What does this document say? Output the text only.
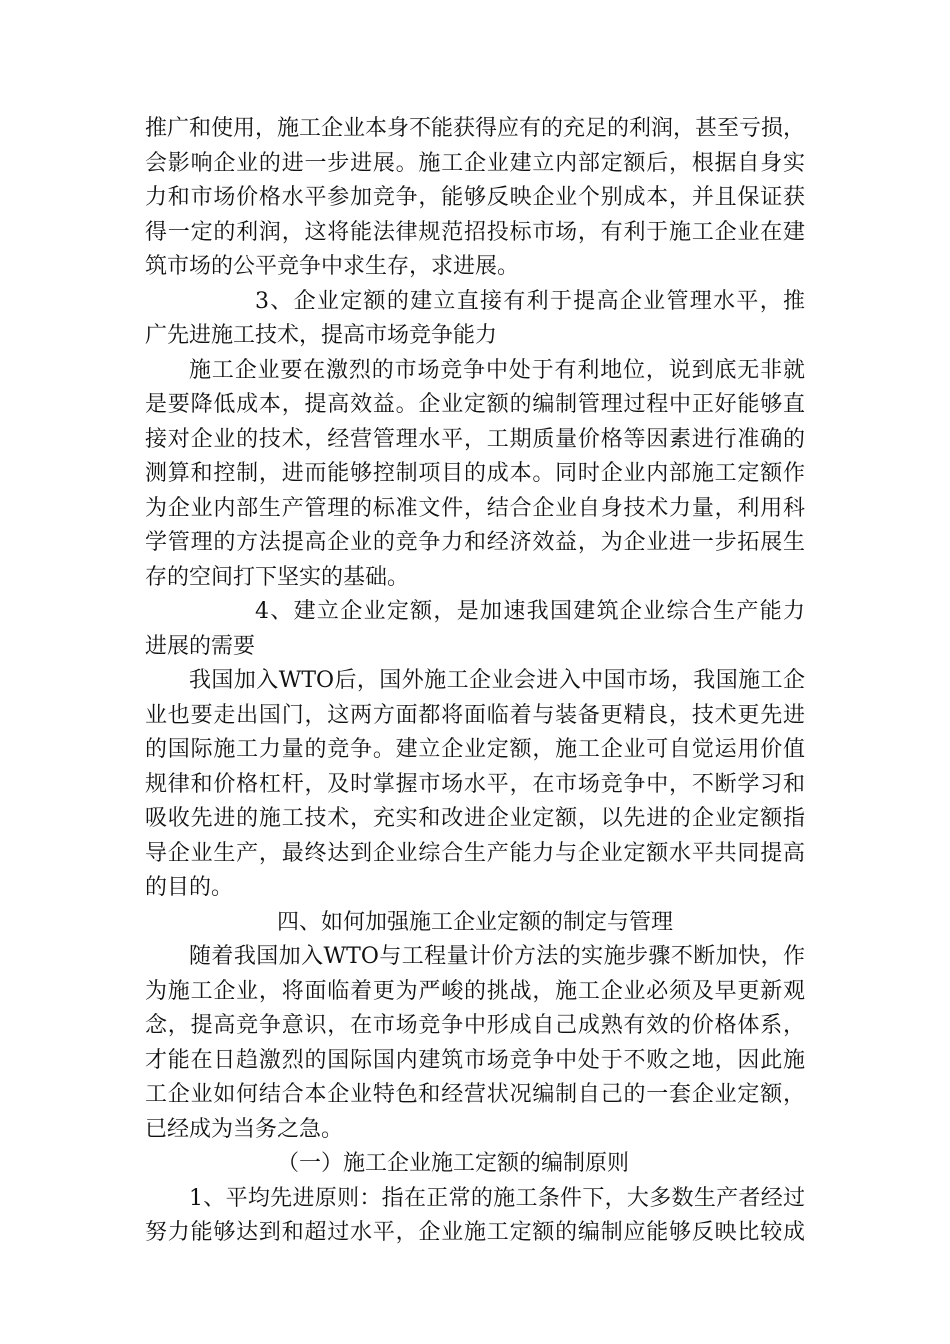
推广和使用，施工企业本身不能获得应有的充足的利润，甚至亏损，
会影响企业的进一步进展。施工企业建立内部定额后，根据自身实
力和市场价格水平参加竞争，能够反映企业个别成本，并且保证获
得一定的利润，这将能法律规范招投标市场，有利于施工企业在建
筑市场的公平竞争中求生存，求进展。
3、企业定额的建立直接有利于提高企业管理水平，推
广先进施工技术，提高市场竞争能力
施工企业要在激烈的市场竞争中处于有利地位，说到底无非就
是要降低成本，提高效益。企业定额的编制管理过程中正好能够直
接对企业的技术，经营管理水平，工期质量价格等因素进行准确的
测算和控制，进而能够控制项目的成本。同时企业内部施工定额作
为企业内部生产管理的标准文件，结合企业自身技术力量，利用科
学管理的方法提高企业的竞争力和经济效益，为企业进一步拓展生
存的空间打下坚实的基础。
4、建立企业定额，是加速我国建筑企业综合生产能力
进展的需要
我国加入WTO后，国外施工企业会进入中国市场，我国施工企
业也要走出国门，这两方面都将面临着与装备更精良，技术更先进
的国际施工力量的竞争。建立企业定额，施工企业可自觉运用价值
规律和价格杠杆，及时掌握市场水平，在市场竞争中，不断学习和
吸收先进的施工技术，充实和改进企业定额，以先进的企业定额指
导企业生产，最终达到企业综合生产能力与企业定额水平共同提高
的目的。
四、如何加强施工企业定额的制定与管理
随着我国加入WTO与工程量计价方法的实施步骤不断加快，作
为施工企业，将面临着更为严峻的挑战，施工企业必须及早更新观
念，提高竞争意识，在市场竞争中形成自己成熟有效的价格体系，
才能在日趋激烈的国际国内建筑市场竞争中处于不败之地，因此施
工企业如何结合本企业特色和经营状况编制自己的一套企业定额，
已经成为当务之急。
（一）施工企业施工定额的编制原则
1、平均先进原则：指在正常的施工条件下，大多数生产者经过
努力能够达到和超过水平，企业施工定额的编制应能够反映比较成
